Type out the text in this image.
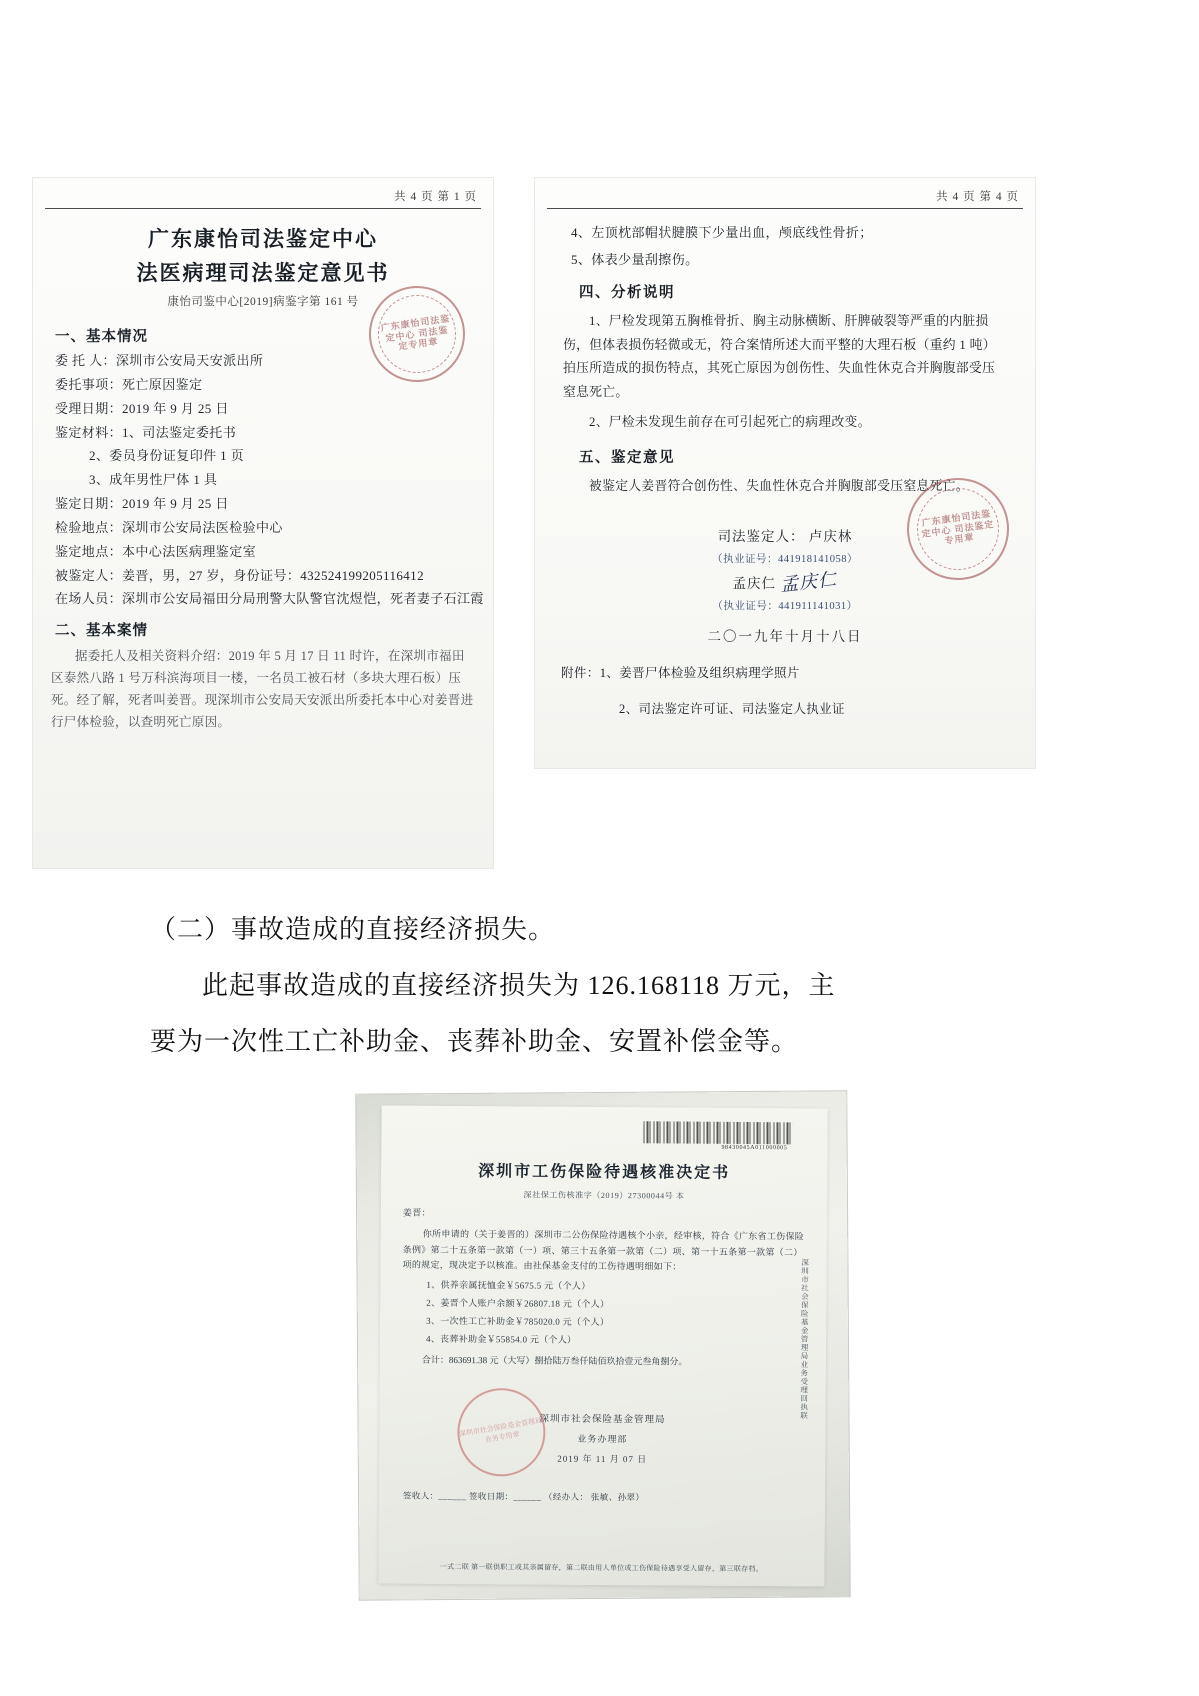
共 4 页 第 1 页
广东康怡司法鉴定中心
法医病理司法鉴定意见书
康怡司鉴中心[2019]病鉴字第 161 号
一、基本情况
委 托 人：深圳市公安局天安派出所
委托事项：死亡原因鉴定
受理日期：2019 年 9 月 25 日
鉴定材料：1、司法鉴定委托书
2、委员身份证复印件 1 页
3、成年男性尸体 1 具
鉴定日期：2019 年 9 月 25 日
检验地点：深圳市公安局法医检验中心
鉴定地点：本中心法医病理鉴定室
被鉴定人：姜晋，男，27 岁，身份证号：432524199205116412
在场人员：深圳市公安局福田分局刑警大队警官沈煜恺，死者妻子石江霞
二、基本案情
据委托人及相关资料介绍：2019 年 5 月 17 日 11 时许，在深圳市福田区泰然八路 1 号万科滨海项目一楼，一名员工被石材（多块大理石板）压死。经了解，死者叫姜晋。现深圳市公安局天安派出所委托本中心对姜晋进行尸体检验，以查明死亡原因。
广东康怡司法鉴定中心 司法鉴定专用章
共 4 页 第 4 页
4、左顶枕部帽状腱膜下少量出血，颅底线性骨折；
5、体表少量刮擦伤。
四、分析说明
1、尸检发现第五胸椎骨折、胸主动脉横断、肝脾破裂等严重的内脏损伤，但体表损伤轻微或无，符合案情所述大而平整的大理石板（重约 1 吨）拍压所造成的损伤特点，其死亡原因为创伤性、失血性休克合并胸腹部受压窒息死亡。
2、尸检未发现生前存在可引起死亡的病理改变。
五、鉴定意见
被鉴定人姜晋符合创伤性、失血性休克合并胸腹部受压窒息死亡。
司法鉴定人： 卢庆林
（执业证号：441918141058）
孟庆仁 孟庆仁
（执业证号：441911141031）
二〇一九年十月十八日
附件：1、姜晋尸体检验及组织病理学照片
2、司法鉴定许可证、司法鉴定人执业证
广东康怡司法鉴定中心 司法鉴定专用章

（二）事故造成的直接经济损失。

此起事故造成的直接经济损失为 126.168118 万元，主

要为一次性工亡补助金、丧葬补助金、安置补偿金等。

98430045A011000005
深圳市工伤保险待遇核准决定书
深社保工伤核准字（2019）27300044号 本
姜晋：
你所申请的（关于姜晋的）深圳市二公伤保险待遇核个小亲，经审核，符合《广东省工伤保险条例》第二十五条第一款第（一）项、第三十五条第一款第（二）项、第一十五条第一款第（二）项的规定，现决定予以核准。由社保基金支付的工伤待遇明细如下：
1、供养亲属抚恤金￥5675.5 元（个人）
2、姜晋个人账户余额￥26807.18 元（个人）
3、一次性工亡补助金￥785020.0 元（个人）
4、丧葬补助金￥55854.0 元（个人）
合计：863691.38 元（大写）捌拾陆万叁仟陆佰玖拾壹元叁角捌分。
深圳市社会保险基金管理局
业务办理部
2019 年 11 月 07 日
签收人：______ 签收日期：______ （经办人： 张敏、孙翠）
深圳市社会保险基金管理局 业务专用章
深圳市社会保险基金管理局业务受理回执联
一式二联 第一联供职工或其亲属留存，第二联由用人单位或工伤保险待遇享受人留存，第三联存档。
